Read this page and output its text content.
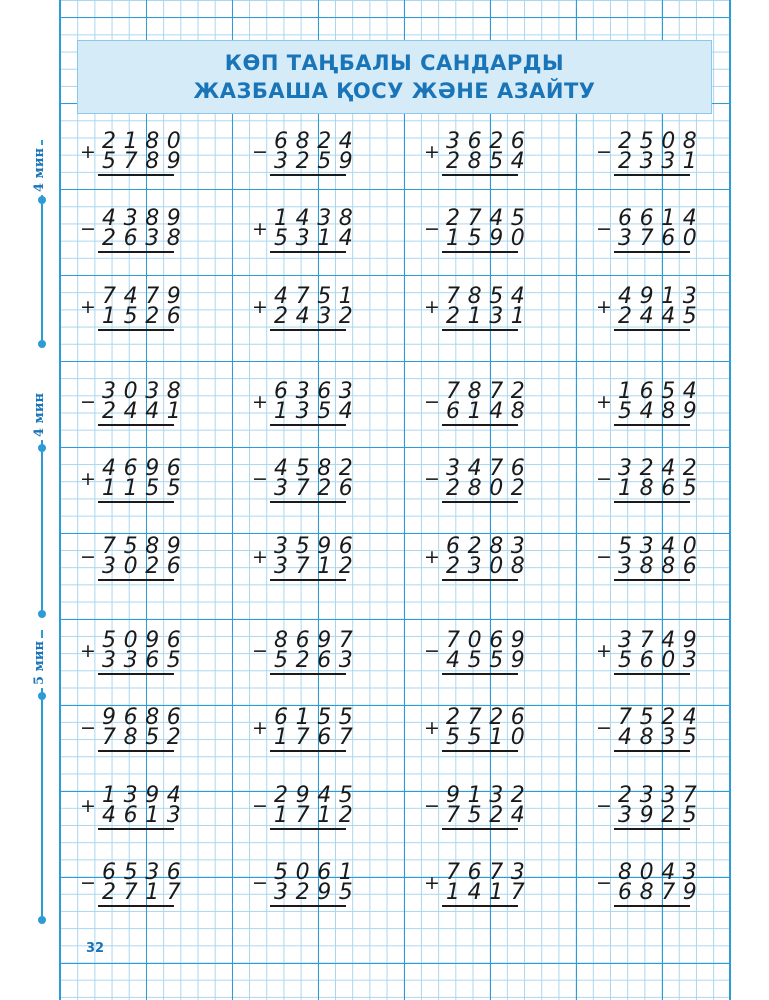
КӨП ТАҢБАЛЫ САНДАРДЫ
ЖАЗБАША ҚОСУ ЖӘНЕ АЗАЙТУ
4 мин
4 мин
5 мин
+ 2180
5789	− 6824
3259	+ 3626
2854	− 2508
2331
− 4389
2638	+ 1438
5314	− 2745
1590	− 6614
3760
+ 7479
1526	+ 4751
2432	+ 7854
2131	+ 4913
2445
− 3038
2441	+ 6363
1354	− 7872
6148	+ 1654
5489
+ 4696
1155	− 4582
3726	− 3476
2802	− 3242
1865
− 7589
3026	+ 3596
3712	+ 6283
2308	− 5340
3886
+ 5096
3365	− 8697
5263	− 7069
4559	+ 3749
5603
− 9686
7852	+ 6155
1767	+ 2726
5510	− 7524
4835
+ 1394
4613	− 2945
1712	− 9132
7524	− 2337
3925
− 6536
2717	− 5061
3295	+ 7673
1417	− 8043
6879
32
